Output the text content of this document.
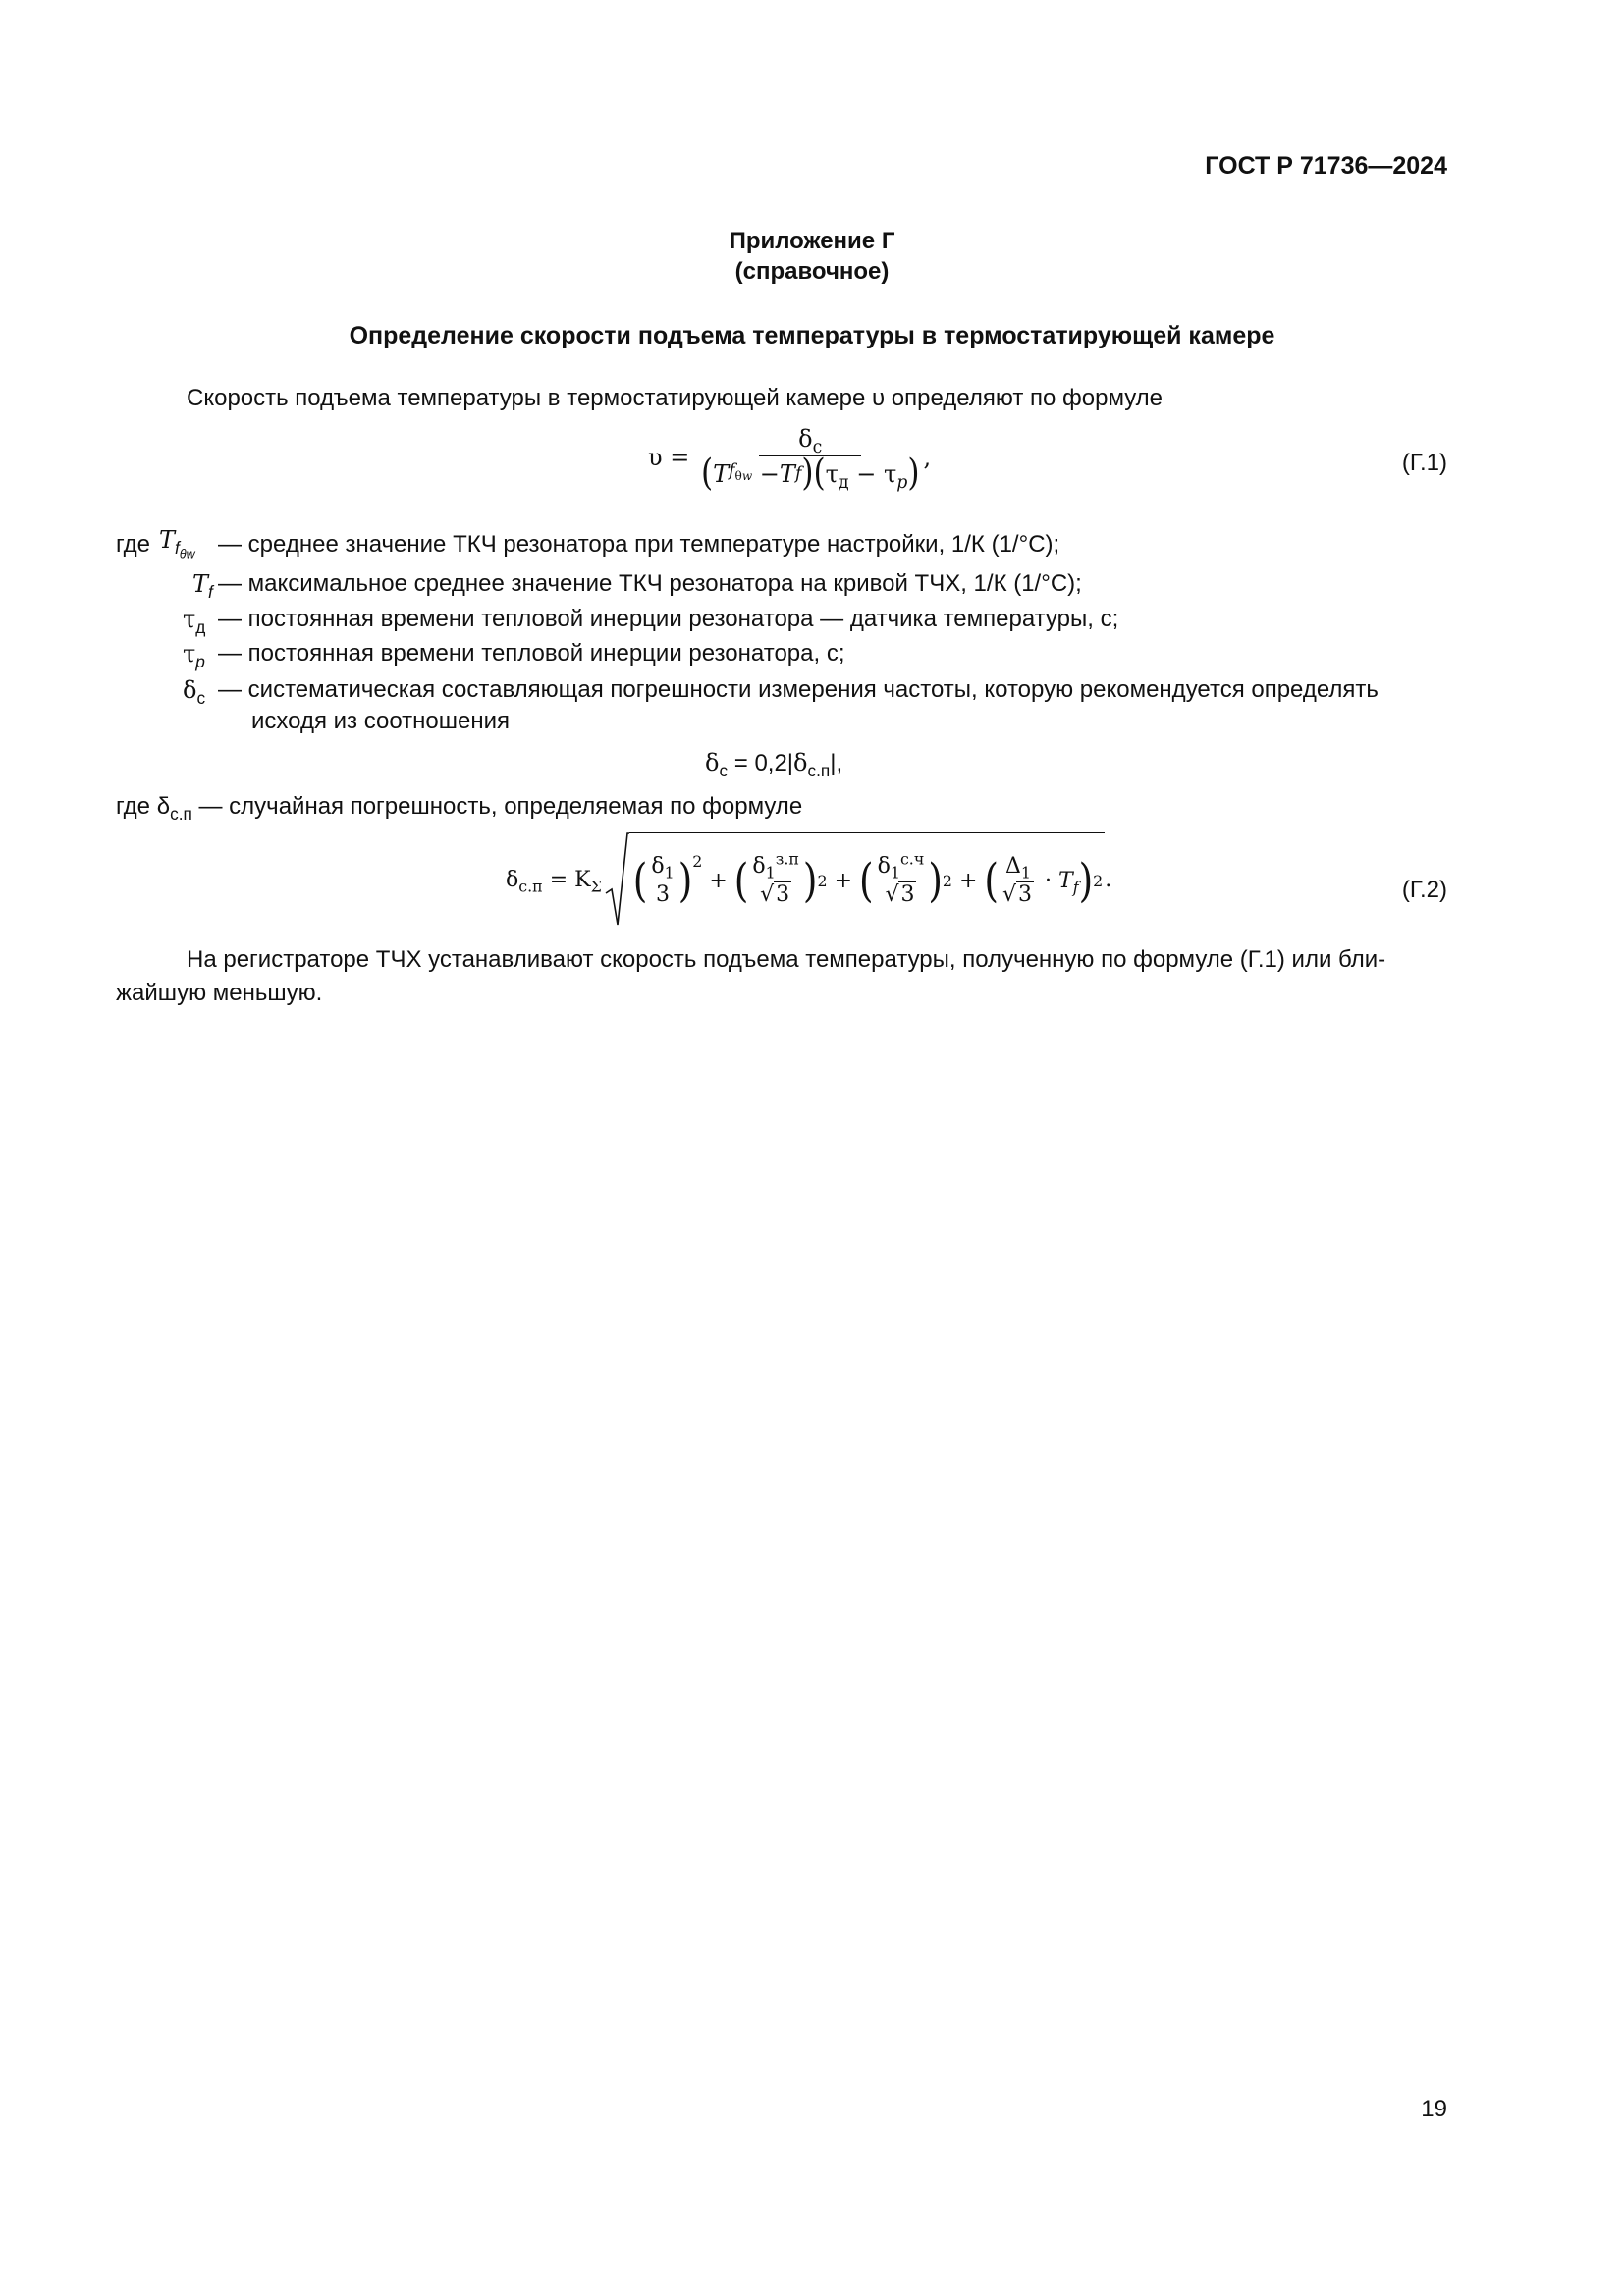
ГОСТ Р 71736—2024
Приложение Г
(справочное)
Определение скорости подъема температуры в термостатирующей камере
Скорость подъема температуры в термостатирующей камере υ определяют по формуле
υ =
$\delta_с$
( T $f_{\theta w} - T$ f ) ( $\tau_д - \tau_p$ ) ,	(Г.1)
где $T_{f_{\theta w}}$ — среднее значение ТКЧ резонатора при температуре настройки, 1/К (1/°С);
$T_f$ — максимальное среднее значение ТКЧ резонатора на кривой ТЧХ, 1/К (1/°С);
$\tau_д$ — постоянная времени тепловой инерции резонатора — датчика температуры, с;
$\tau_p$ — постоянная времени тепловой инерции резонатора, с;
$\delta_с$ — систематическая составляющая погрешности измерения частоты, которую рекомендуется определять
исходя из соотношения
$\delta_с = 0,2|\delta_{с.п}|$,
где $\delta_{с.п}$ — случайная погрешность, определяемая по формуле
$\delta_{с.п} = K_\Sigma$ ( $\frac{\delta_1}{3}$ ) 2
+ ( $\frac{\delta_1^{з.п}}{√3}$ ) 2 + ( $\frac{\delta_1^{с.ч}}{√3}$ ) 2 + ( $\frac{\Delta_1}{√3} \cdot T_f$ ) 2 .	(Г.2)
На регистраторе ТЧХ устанавливают скорость подъема температуры, полученную по формуле (Г.1) или бли-
жайшую меньшую.
19
